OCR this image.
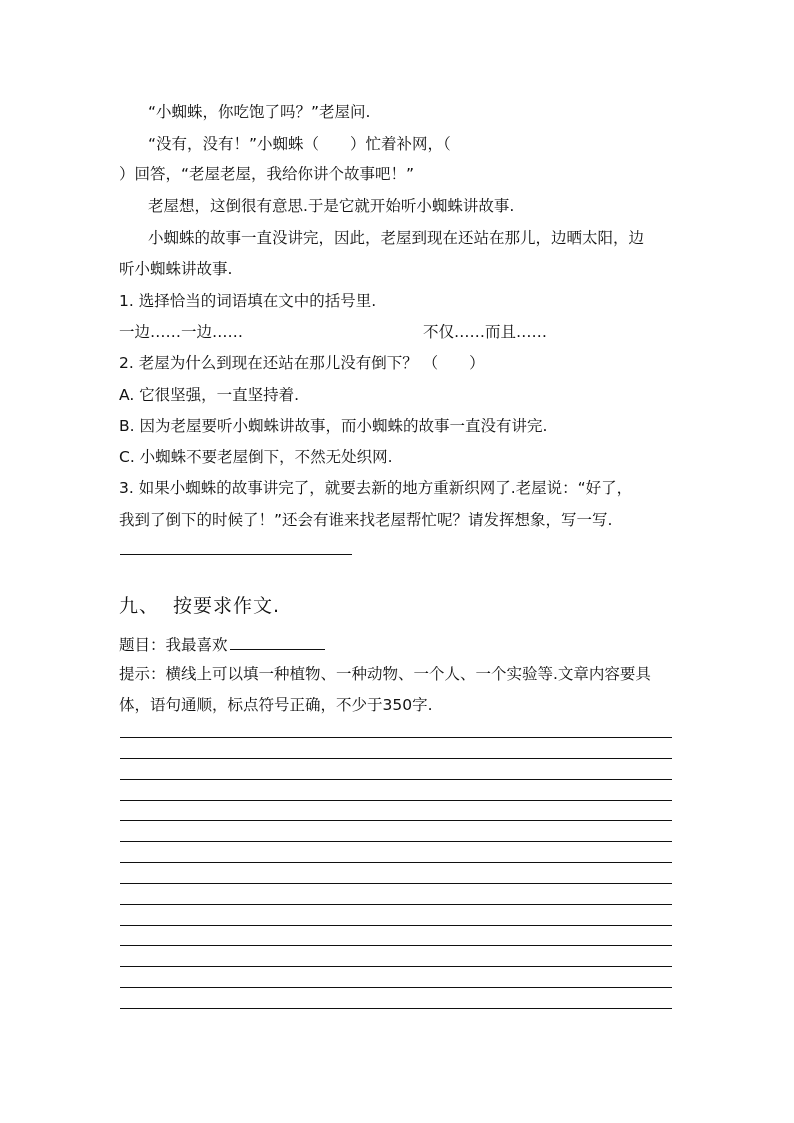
“小蜘蛛，你吃饱了吗？”老屋问.
“没有，没有！”小蜘蛛（　　）忙着补网，（
）回答，“老屋老屋，我给你讲个故事吧！”
老屋想，这倒很有意思.于是它就开始听小蜘蛛讲故事.
小蜘蛛的故事一直没讲完，因此，老屋到现在还站在那儿，边晒太阳，边
听小蜘蛛讲故事.
1. 选择恰当的词语填在文中的括号里.
一边……一边……	不仅……而且……
2. 老屋为什么到现在还站在那儿没有倒下？ （　　）
A. 它很坚强，一直坚持着.
B. 因为老屋要听小蜘蛛讲故事，而小蜘蛛的故事一直没有讲完.
C. 小蜘蛛不要老屋倒下，不然无处织网.
3. 如果小蜘蛛的故事讲完了，就要去新的地方重新织网了.老屋说：“好了，
我到了倒下的时候了！”还会有谁来找老屋帮忙呢？请发挥想象，写一写.
九、 按要求作文.
题目：我最喜欢
提示：横线上可以填一种植物、一种动物、一个人、一个实验等.文章内容要具
体，语句通顺，标点符号正确，不少于350字.
